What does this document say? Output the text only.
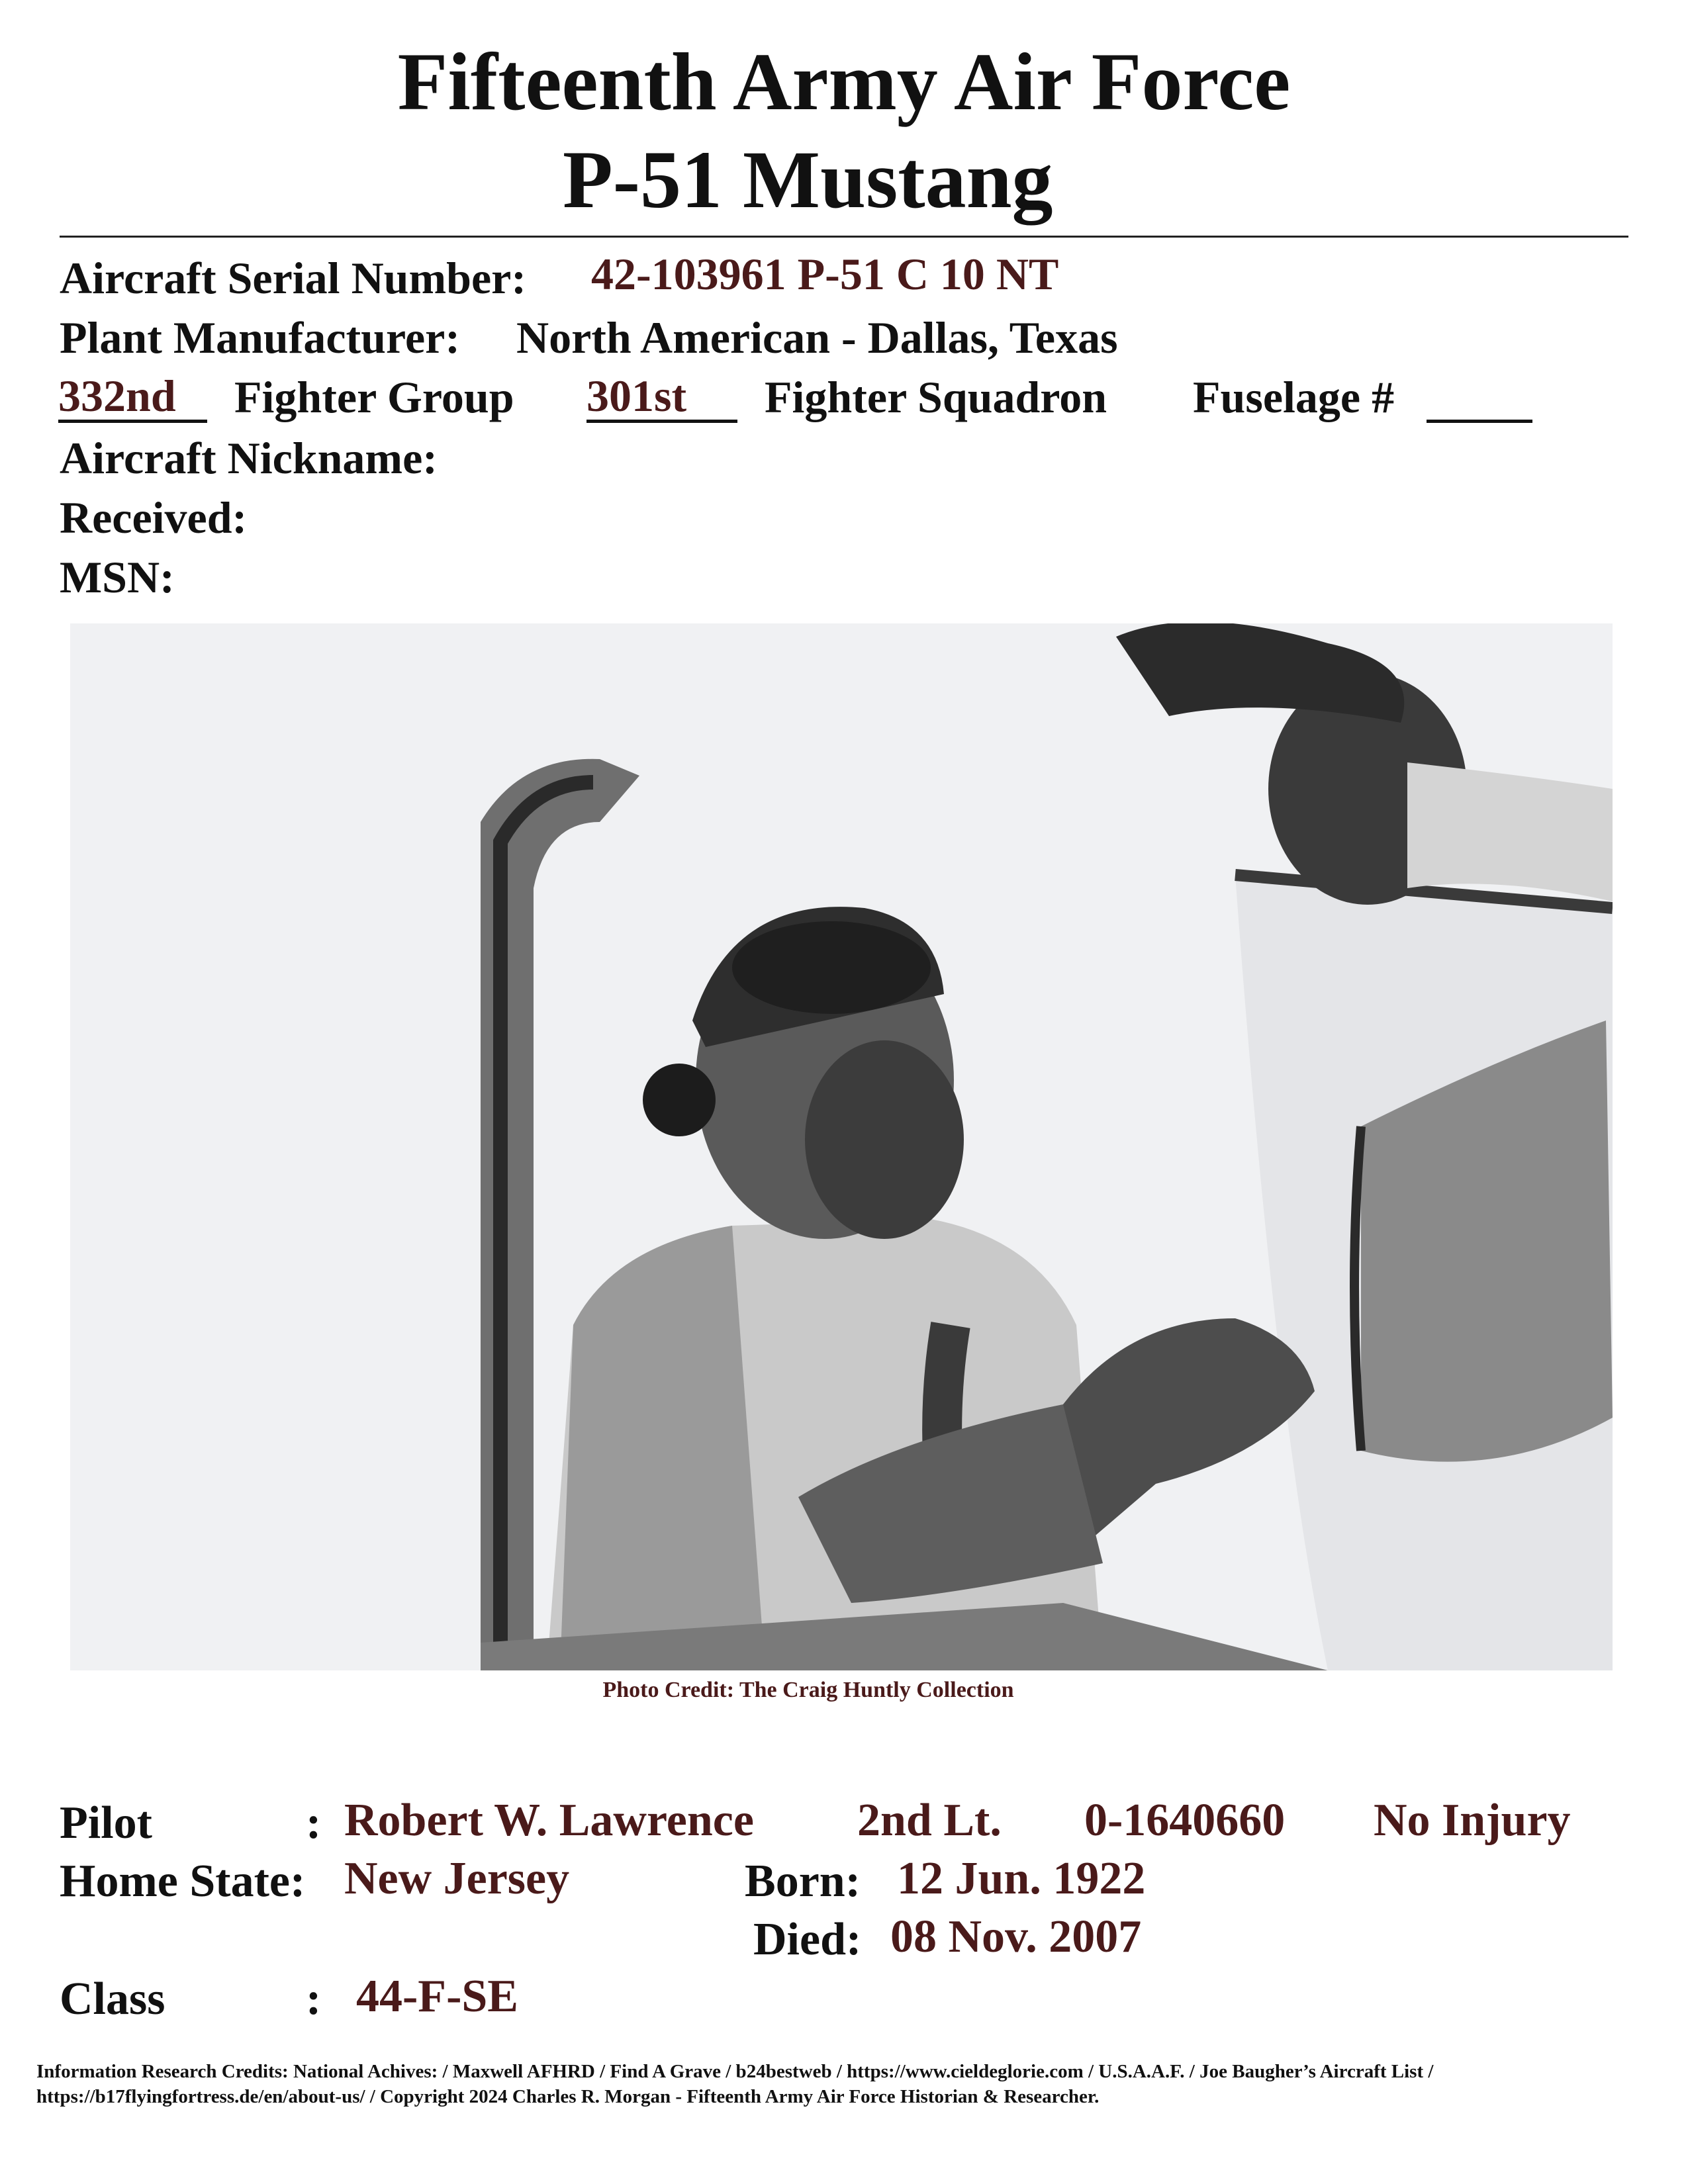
Fifteenth Army Air Force
P-51 Mustang
Aircraft Serial Number: 42-103961 P-51 C 10 NT
Plant Manufacturer: North American - Dallas, Texas
332nd	Fighter Group 301st	Fighter Squadron Fuselage #
Aircraft Nickname:
Received:
MSN:
Photo Credit: The Craig Huntly Collection
Pilot	: Robert W. Lawrence 2nd Lt. 0-1640660 No Injury
Home State: New Jersey	Born: 12 Jun. 1922
Died: 08 Nov. 2007
Class	: 44-F-SE
Information Research Credits: National Achives: / Maxwell AFHRD / Find A Grave / b24bestweb / https://www.cieldeglorie.com / U.S.A.A.F. / Joe Baugher’s Aircraft List /
https://b17flyingfortress.de/en/about-us/ / Copyright 2024 Charles R. Morgan - Fifteenth Army Air Force Historian & Researcher.
